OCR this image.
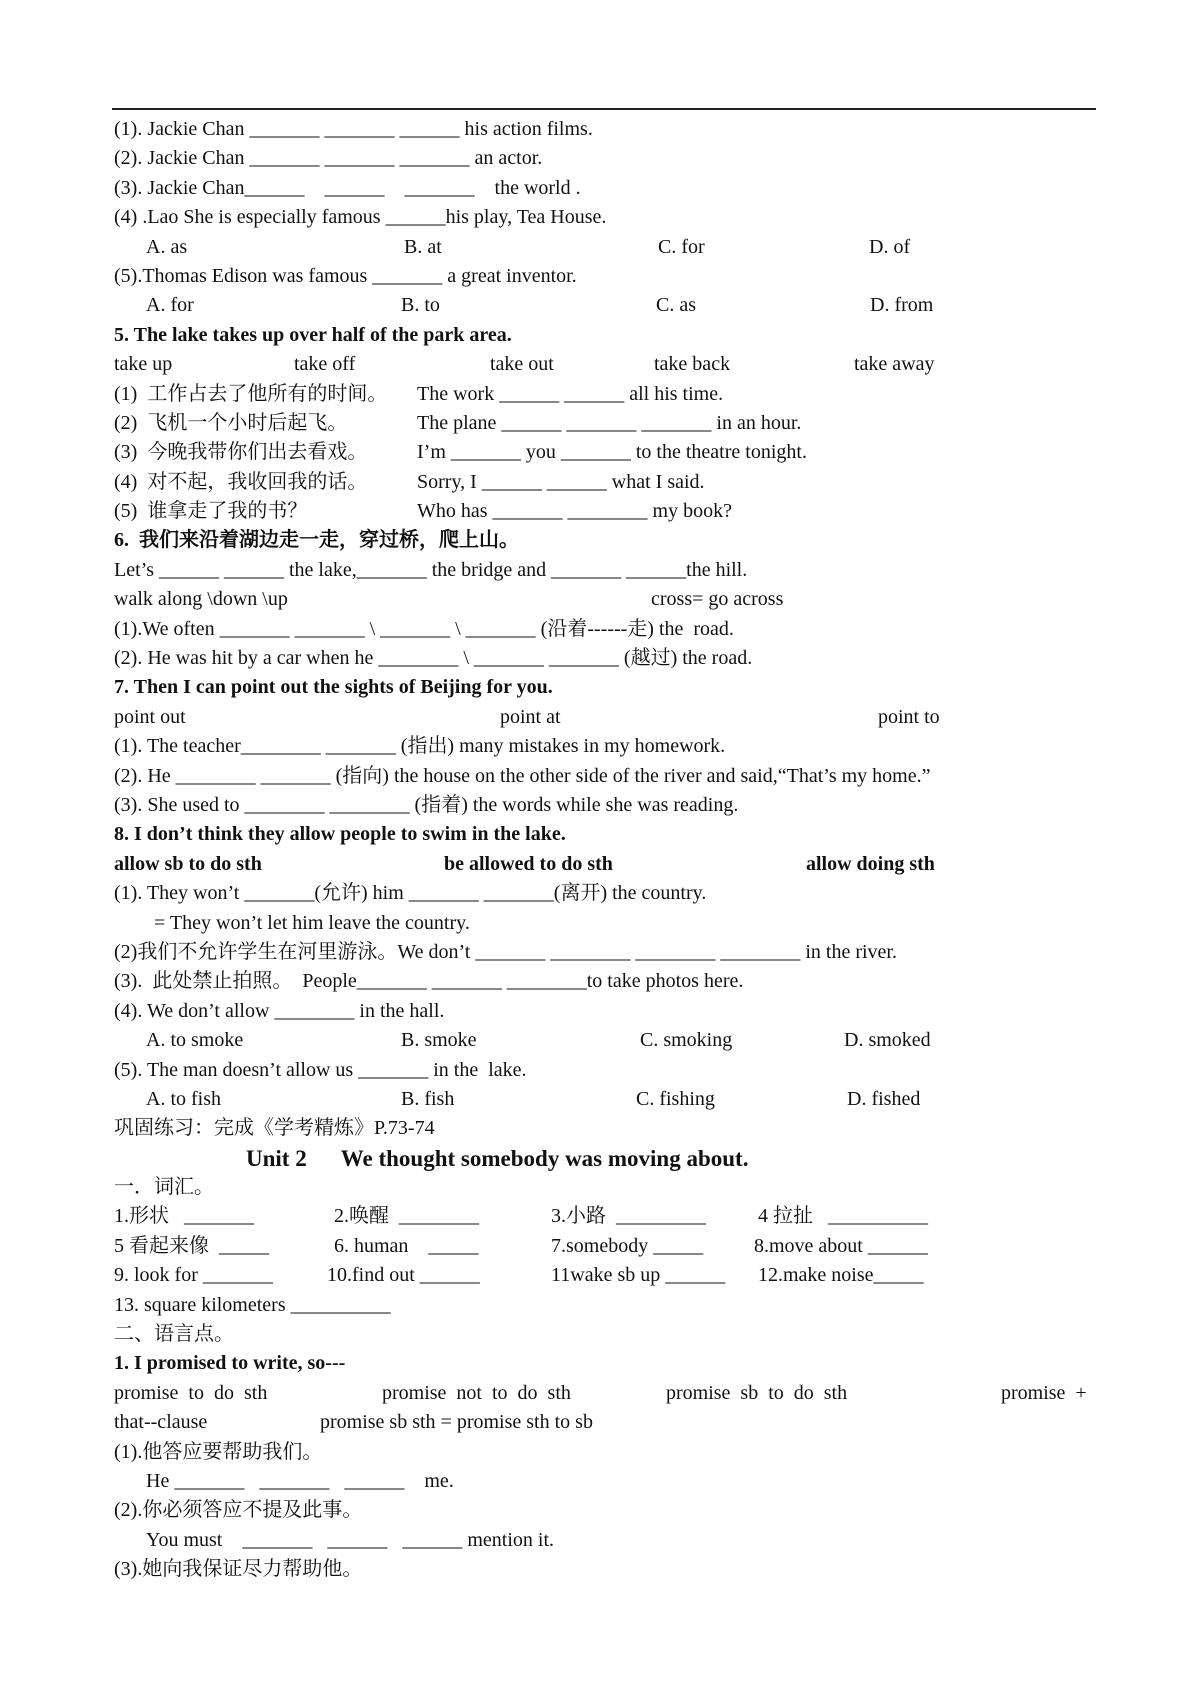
(1). Jackie Chan _______ _______ ______ his action films.
(2). Jackie Chan _______ _______ _______ an actor.
(3). Jackie Chan______    ______    _______    the world .
(4) .Lao She is especially famous ______his play, Tea House.
A. as	B. at	C. for	D. of
(5).Thomas Edison was famous _______ a great inventor.
A. for	B. to	C. as	D. from
5. The lake takes up over half of the park area.
take up	take off	take out	take back	take away
(1)  工作占去了他所有的时间。 The work ______ ______ all his time.
(2)  飞机一个小时后起飞。	The plane ______ _______ _______ in an hour.
(3)  今晚我带你们出去看戏。 I’m _______ you _______ to the theatre tonight.
(4)  对不起，我收回我的话。 Sorry, I ______ ______ what I said.
(5)  谁拿走了我的书？	Who has _______ ________ my book?
6.  我们来沿着湖边走一走，穿过桥，爬上山。
Let’s ______ ______ the lake,_______ the bridge and _______ ______the hill.
walk along \down \up	cross= go across
(1).We often _______ _______ \ _______ \ _______ (沿着------走) the  road.
(2). He was hit by a car when he ________ \ _______ _______ (越过) the road.
7. Then I can point out the sights of Beijing for you.
point out	point at	point to
(1). The teacher________ _______ (指出) many mistakes in my homework.
(2). He ________ _______ (指向) the house on the other side of the river and said,“That’s my home.”
(3). She used to ________ ________ (指着) the words while she was reading.
8. I don’t think they allow people to swim in the lake.
allow sb to do sth	be allowed to do sth	allow doing sth
(1). They won’t _______(允许) him _______ _______(离开) the country.
= They won’t let him leave the country.
(2)我们不允许学生在河里游泳。We don’t _______ ________ ________ ________ in the river.
(3).  此处禁止拍照。  People_______ _______ ________to take photos here.
(4). We don’t allow ________ in the hall.
A. to smoke	B. smoke	C. smoking	D. smoked
(5). The man doesn’t allow us _______ in the  lake.
A. to fish	B. fish	C. fishing	D. fished
巩固练习：完成《学考精炼》P.73-74
Unit 2      We thought somebody was moving about.
一．词汇。
1.形状   _______	2.唤醒  ________	3.小路  _________	4 拉扯   __________
5 看起来像  _____	6. human    _____	7.somebody _____	8.move about ______
9. look for _______	10.find out ______	11wake sb up ______ 12.make noise_____
13. square kilometers __________
二、语言点。
1. I promised to write, so---
promise  to  do  sth	promise  not  to  do  sth	promise  sb  to  do  sth	promise  +
that--clause	promise sb sth = promise sth to sb
(1).他答应要帮助我们。
He _______   _______   ______    me.
(2).你必须答应不提及此事。
You must    _______   ______   ______ mention it.
(3).她向我保证尽力帮助他。
